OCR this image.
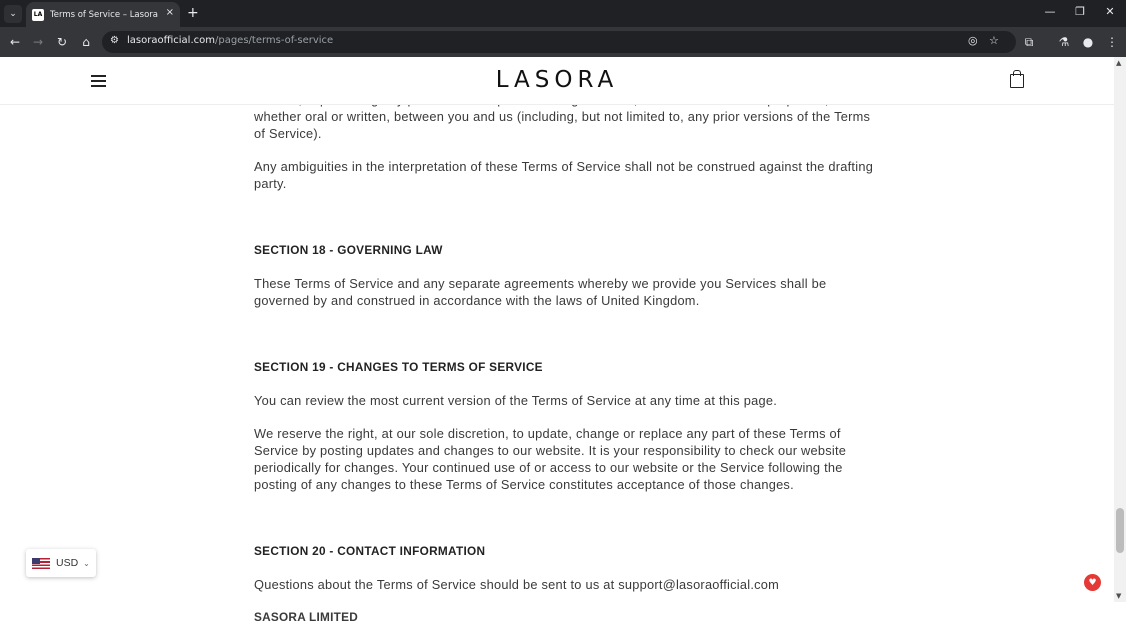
⌄	LA Terms of Service – Lasora × +	—	❐	✕
← → ↻	⌂	⚙ lasoraofficial.com/pages/terms-of-service	◎ ☆	⧉	⚗ ● ⋮
LASORA

whether oral or written, between you and us (including, but not limited to, any prior versions of the Terms of Service).

Any ambiguities in the interpretation of these Terms of Service shall not be construed against the drafting party.

SECTION 18 - GOVERNING LAW

These Terms of Service and any separate agreements whereby we provide you Services shall be governed by and construed in accordance with the laws of United Kingdom.

SECTION 19 - CHANGES TO TERMS OF SERVICE

You can review the most current version of the Terms of Service at any time at this page.

We reserve the right, at our sole discretion, to update, change or replace any part of these Terms of Service by posting updates and changes to our website. It is your responsibility to check our website periodically for changes. Your continued use of or access to our website or the Service following the posting of any changes to these Terms of Service constitutes acceptance of those changes.

SECTION 20 - CONTACT INFORMATION

Questions about the Terms of Service should be sent to us at support@lasoraofficial.com

SASORA LIMITED

USD ⌄
♥
▲
▼
